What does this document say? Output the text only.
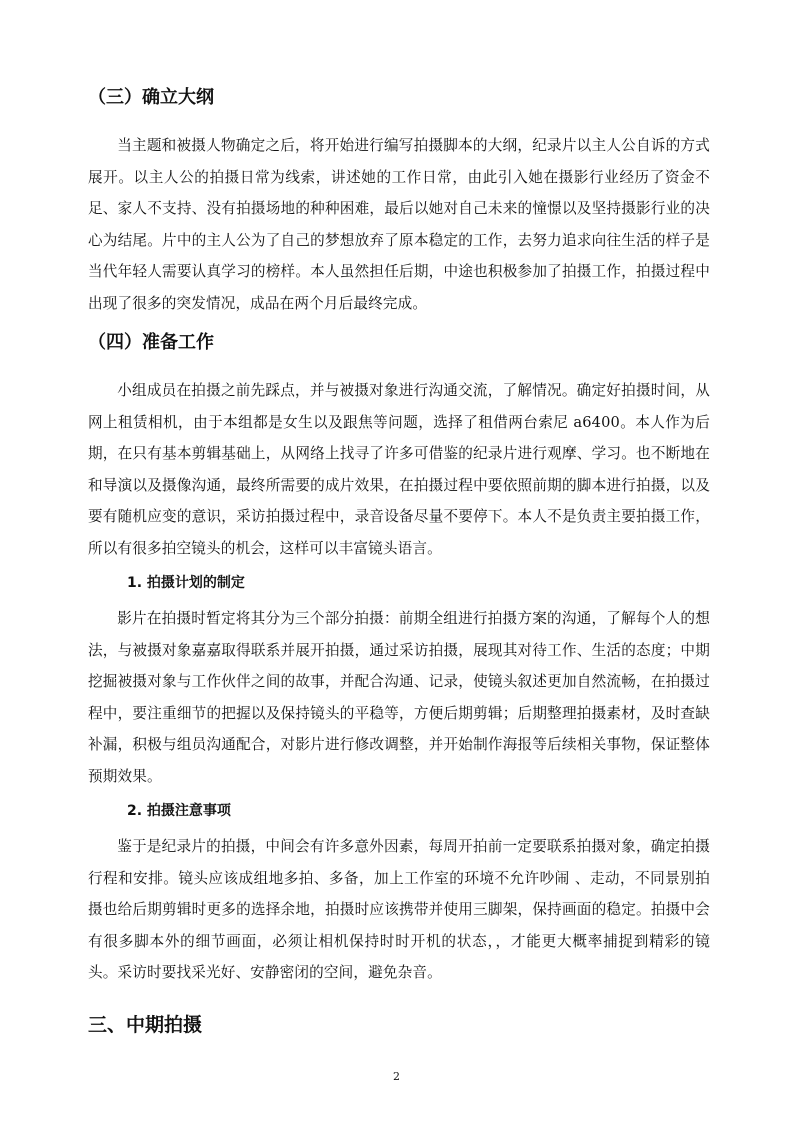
（三）确立大纲

当主题和被摄人物确定之后，将开始进行编写拍摄脚本的大纲，纪录片以主人公自诉的方式展开。以主人公的拍摄日常为线索，讲述她的工作日常，由此引入她在摄影行业经历了资金不足、家人不支持、没有拍摄场地的种种困难，最后以她对自己未来的憧憬以及坚持摄影行业的决心为结尾。片中的主人公为了自己的梦想放弃了原本稳定的工作，去努力追求向往生活的样子是当代年轻人需要认真学习的榜样。本人虽然担任后期，中途也积极参加了拍摄工作，拍摄过程中出现了很多的突发情况，成品在两个月后最终完成。

（四）准备工作

小组成员在拍摄之前先踩点，并与被摄对象进行沟通交流，了解情况。确定好拍摄时间，从网上租赁相机，由于本组都是女生以及跟焦等问题，选择了租借两台索尼 a6400。本人作为后期，在只有基本剪辑基础上，从网络上找寻了许多可借鉴的纪录片进行观摩、学习。也不断地在和导演以及摄像沟通，最终所需要的成片效果，在拍摄过程中要依照前期的脚本进行拍摄，以及要有随机应变的意识，采访拍摄过程中，录音设备尽量不要停下。本人不是负责主要拍摄工作，所以有很多拍空镜头的机会，这样可以丰富镜头语言。

1. 拍摄计划的制定

影片在拍摄时暂定将其分为三个部分拍摄：前期全组进行拍摄方案的沟通，了解每个人的想法，与被摄对象嘉嘉取得联系并展开拍摄，通过采访拍摄，展现其对待工作、生活的态度；中期挖掘被摄对象与工作伙伴之间的故事，并配合沟通、记录，使镜头叙述更加自然流畅，在拍摄过程中，要注重细节的把握以及保持镜头的平稳等，方便后期剪辑；后期整理拍摄素材，及时查缺补漏，积极与组员沟通配合，对影片进行修改调整，并开始制作海报等后续相关事物，保证整体预期效果。

2. 拍摄注意事项

鉴于是纪录片的拍摄，中间会有许多意外因素，每周开拍前一定要联系拍摄对象，确定拍摄行程和安排。镜头应该成组地多拍、多备，加上工作室的环境不允许吵闹 、走动，不同景别拍摄也给后期剪辑时更多的选择余地，拍摄时应该携带并使用三脚架，保持画面的稳定。拍摄中会有很多脚本外的细节画面，必须让相机保持时时开机的状态，，才能更大概率捕捉到精彩的镜头。采访时要找采光好、安静密闭的空间，避免杂音。

三、中期拍摄

2
